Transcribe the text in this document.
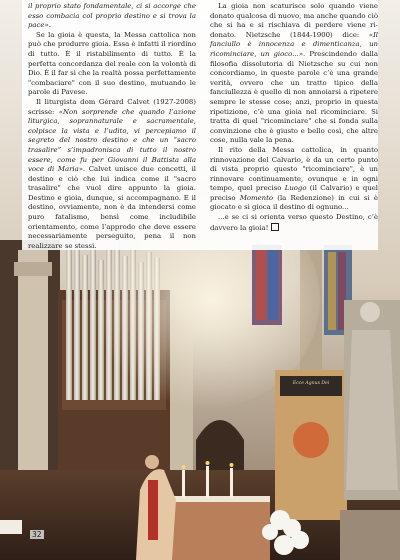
Ecce Agnus Dei

il proprio stato fondamentale, ci si accorge che esso combacia col proprio destino e si trova la pace».

Se la gioia è questa, la Messa cattolica non può che produrre gioia. Essa è infatti il riordino di tutto. È il ristabilimento di tutto. È la perfetta concordanza del reale con la volontà di Dio. È il far sì che la realtà possa perfettamente "combaciare" con il suo destino, mutuando le parole di Pavese.

Il liturgista dom Gérard Calvet (1927-2008) scrisse: «Non sorprende che quando l’azione liturgica, soprannaturale e sacramentale, colpisce la vista e l’udito, vi percepiamo il segreto del nostro destino e che un “sacro trasalire” s’impadronisca di tutto il nostro essere, come fu per Giovanni il Battista alla voce di Maria». Calvet unisce due concetti, il destino e ciò che lui indica come il "sacro trasalire" che vuol dire appunto la gioia. Destino e gioia, dunque, si accompagnano. E il destino, ovviamente, non è da intendersi come puro fatalismo, bensì come includibile orientamento, come l’approdo che deve essere necessariamente perseguito, pena il non realizzare se stessi.

La gioia non scaturisce solo quando viene donato qualcosa di nuovo, ma anche quando ciò che si ha e si rischiava di perdere viene ri-donato. Nietzsche (1844-1900) dice: «Il fanciullo è innocenza e dimenticanza, un ricominciare, un gioco...». Prescindendo dalla filosofia dissolutoria di Nietzsche su cui non concordiamo, in queste parole c’è una grande verità, ovvero che un tratto tipico della fanciullezza è quello di non annoiarsi a ripetere sempre le stesse cose; anzi, proprio in questa ripetizione, c’è una gioia nel ricominciare. Si tratta di quel "ricominciare" che si fonda sulla convinzione che è giusto e bello così, che altre cose, nulla vale la pena.

Il rito della Messa cattolica, in quanto rinnovazione del Calvario, è da un certo punto di vista proprio questo "ricominciare", è un rinnovare continuamente, ovunque e in ogni tempo, quel preciso Luogo (il Calvario) e quel preciso Momento (la Redenzione) in cui si è giocato e si gioca il destino di ognuno...

...e se ci si orienta verso questo Destino, c’è davvero la gioia!

32
